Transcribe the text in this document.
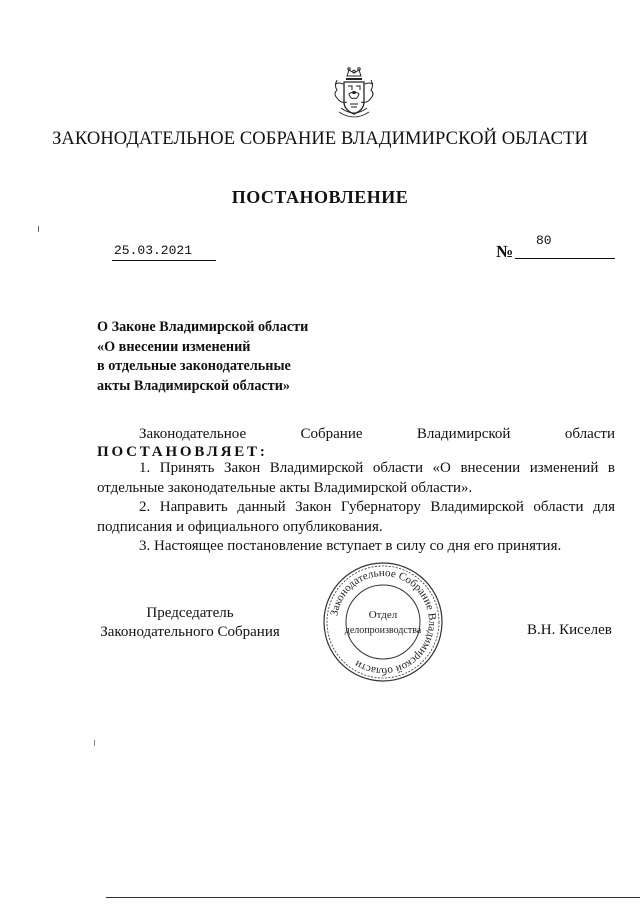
ЗАКОНОДАТЕЛЬНОЕ СОБРАНИЕ ВЛАДИМИРСКОЙ ОБЛАСТИ
ПОСТАНОВЛЕНИЕ
25.03.2021	№
80
О Законе Владимирской области
«О внесении изменений
в отдельные законодательные
акты Владимирской области»
Законодательное	Собрание	Владимирской	области
ПОСТАНОВЛЯЕТ:

1. Принять Закон Владимирской области «О внесении изменений в отдельные законодательные акты Владимирской области».

2. Направить данный Закон Губернатору Владимирской области для подписания и официального опубликования.

3. Настоящее постановление вступает в силу со дня его принятия.

Председатель
Законодательного Собрания
Законодательное Собрание Владимирской области
Отдел
делопроизводства	В.Н. Киселев
